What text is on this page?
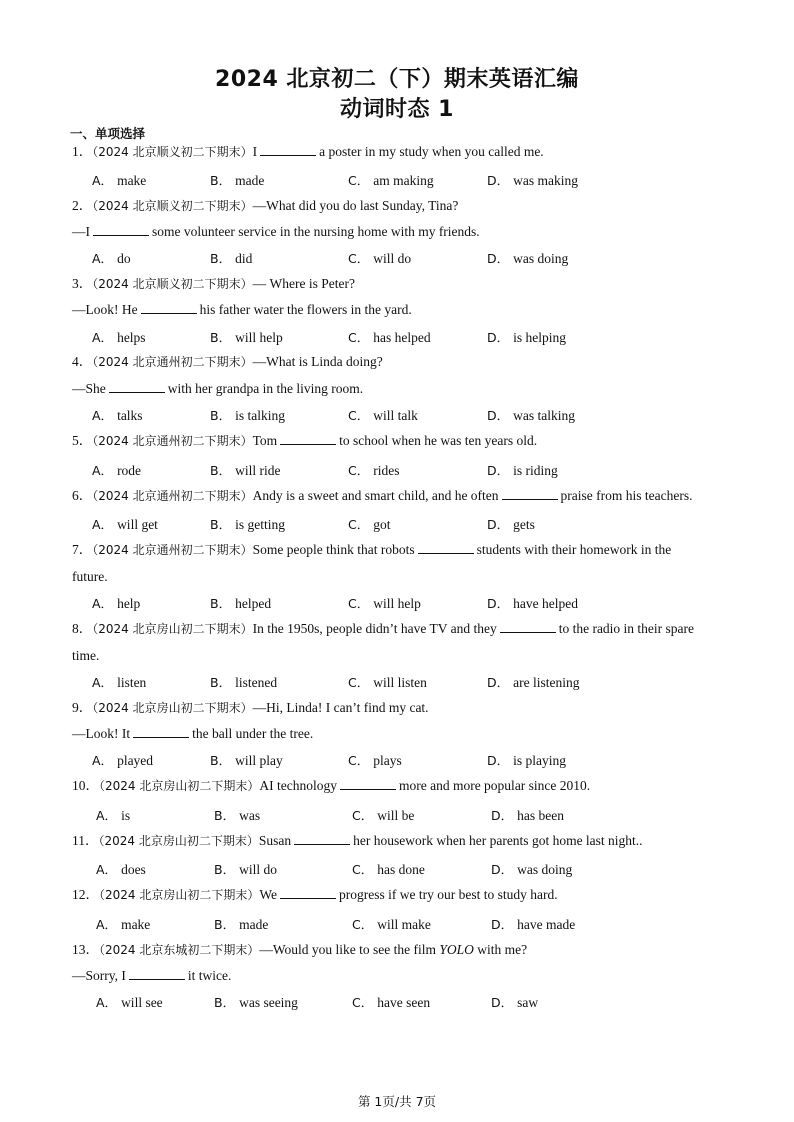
2024 北京初二（下）期末英语汇编
动词时态 1
一、单项选择
1．（2024 北京顺义初二下期末）I	a poster in my study when you called me.
A． make	B． made	C． am making	D． was making
2．（2024 北京顺义初二下期末）—What did you do last Sunday, Tina?
—I	some volunteer service in the nursing home with my friends.
A． do	B． did	C． will do	D． was doing
3．（2024 北京顺义初二下期末）— Where is Peter?
—Look! He	his father water the flowers in the yard.
A． helps	B． will help	C． has helped	D． is helping
4．（2024 北京通州初二下期末）—What is Linda doing?
—She	with her grandpa in the living room.
A． talks	B． is talking	C． will talk	D． was talking
5．（2024 北京通州初二下期末）Tom	to school when he was ten years old.
A． rode	B． will ride	C． rides	D． is riding
6．（2024 北京通州初二下期末）Andy is a sweet and smart child, and he often	praise from his teachers.
A． will get	B． is getting	C． got	D． gets
7．（2024 北京通州初二下期末）Some people think that robots	students with their homework in the
future.
A． help	B． helped	C． will help	D． have helped
8．（2024 北京房山初二下期末）In the 1950s, people didn’t have TV and they	to the radio in their spare
time.
A． listen	B． listened	C． will listen	D． are listening
9．（2024 北京房山初二下期末）—Hi, Linda! I can’t find my cat.
—Look! It	the ball under the tree.
A． played	B． will play	C． plays	D． is playing
10．（2024 北京房山初二下期末）AI technology	more and more popular since 2010.
A． is	B． was	C． will be	D． has been
11．（2024 北京房山初二下期末）Susan	her housework when her parents got home last night..
A． does	B． will do	C． has done	D． was doing
12．（2024 北京房山初二下期末）We	progress if we try our best to study hard.
A． make	B． made	C． will make	D． have made
13．（2024 北京东城初二下期末）—Would you like to see the film YOLO with me?
—Sorry, I	it twice.
A． will see	B． was seeing	C． have seen	D． saw
第 1页/共 7页
